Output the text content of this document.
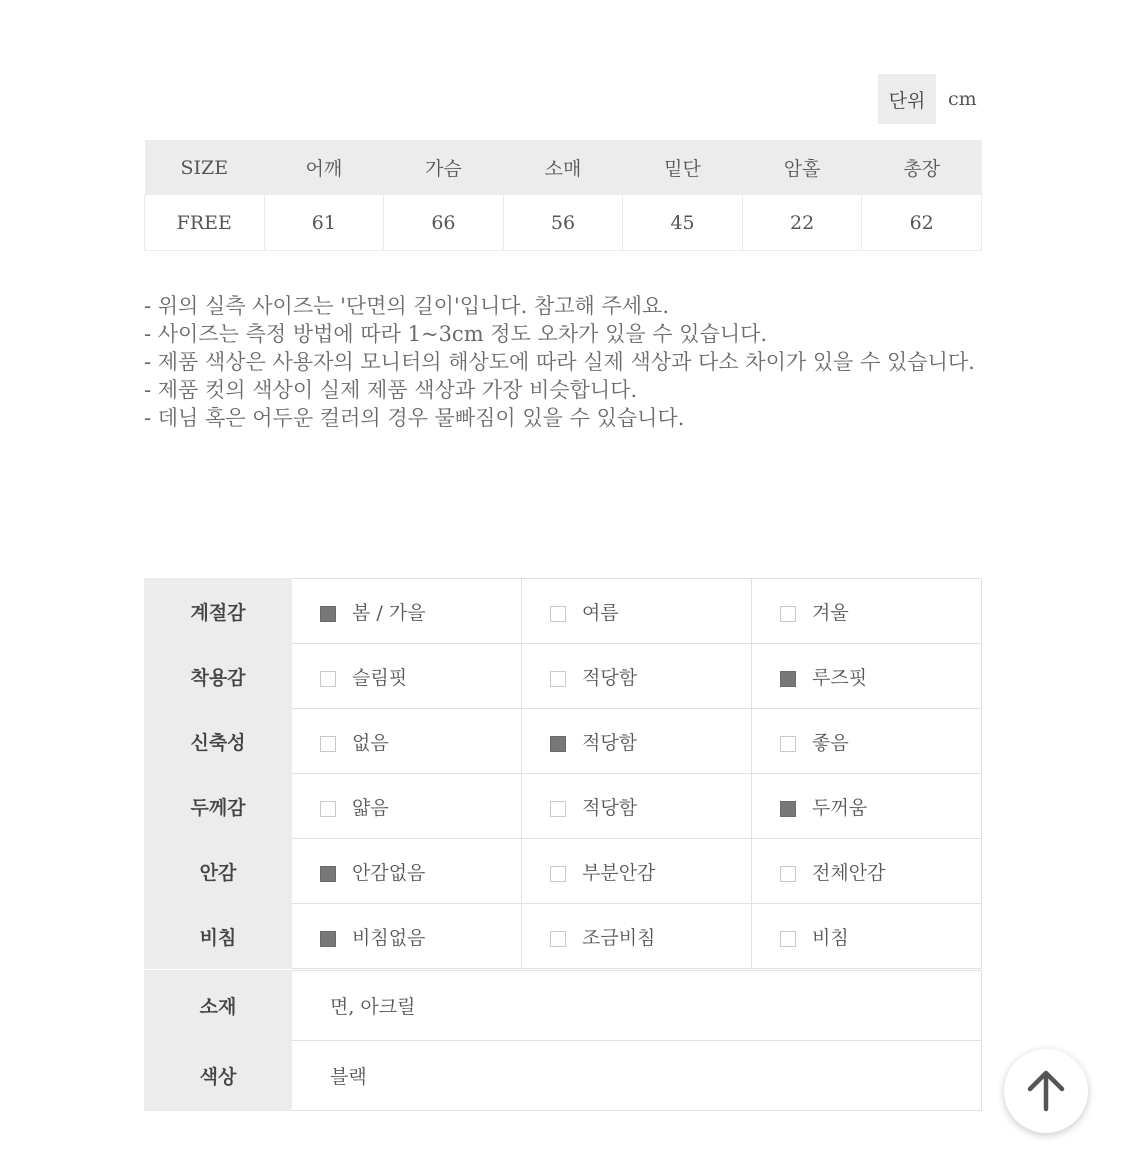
단위	cm
SIZE	어깨	가슴	소매	밑단	암홀	총장
FREE	61	66	56	45	22	62

- 위의 실측 사이즈는 '단면의 길이'입니다. 참고해 주세요.

- 사이즈는 측정 방법에 따라 1~3cm 정도 오차가 있을 수 있습니다.

- 제품 색상은 사용자의 모니터의 해상도에 따라 실제 색상과 다소 차이가 있을 수 있습니다.

- 제품 컷의 색상이 실제 제품 색상과 가장 비슷합니다.

- 데님 혹은 어두운 컬러의 경우 물빠짐이 있을 수 있습니다.

계절감	봄 / 가을	여름	겨울

착용감	슬림핏	적당함	루즈핏

신축성	없음	적당함	좋음

두께감	얇음	적당함	두꺼움

안감	안감없음	부분안감	전체안감

비침	비침없음	조금비침	비침
소재	면, 아크릴
색상	블랙
